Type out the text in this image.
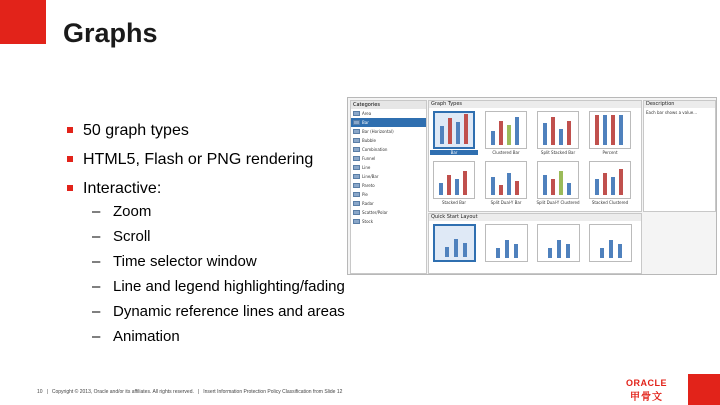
Graphs
50 graph types
HTML5, Flash or PNG rendering
Interactive:
– Zoom
– Scroll
– Time selector window
– Line and legend highlighting/fading
– Dynamic reference lines and areas
– Animation
Categories
Area
Bar
Bar (Horizontal)
Bubble
Combination
Funnel
Line
Line/Bar
Pareto
Pie
Radar
Scatter/Polar
Stock
Graph Types
Bar	Clustered Bar	Split Stacked Bar	Percent
Stacked Bar	Split Dual-Y Bar	Split Dual-Y Clustered	Stacked Clustered
Description
Each bar shows a value...
Quick Start Layout
10 | Copyright © 2013, Oracle and/or its affiliates. All rights reserved. | Insert Information Protection Policy Classification from Slide 12
ORACLE
甲骨文
